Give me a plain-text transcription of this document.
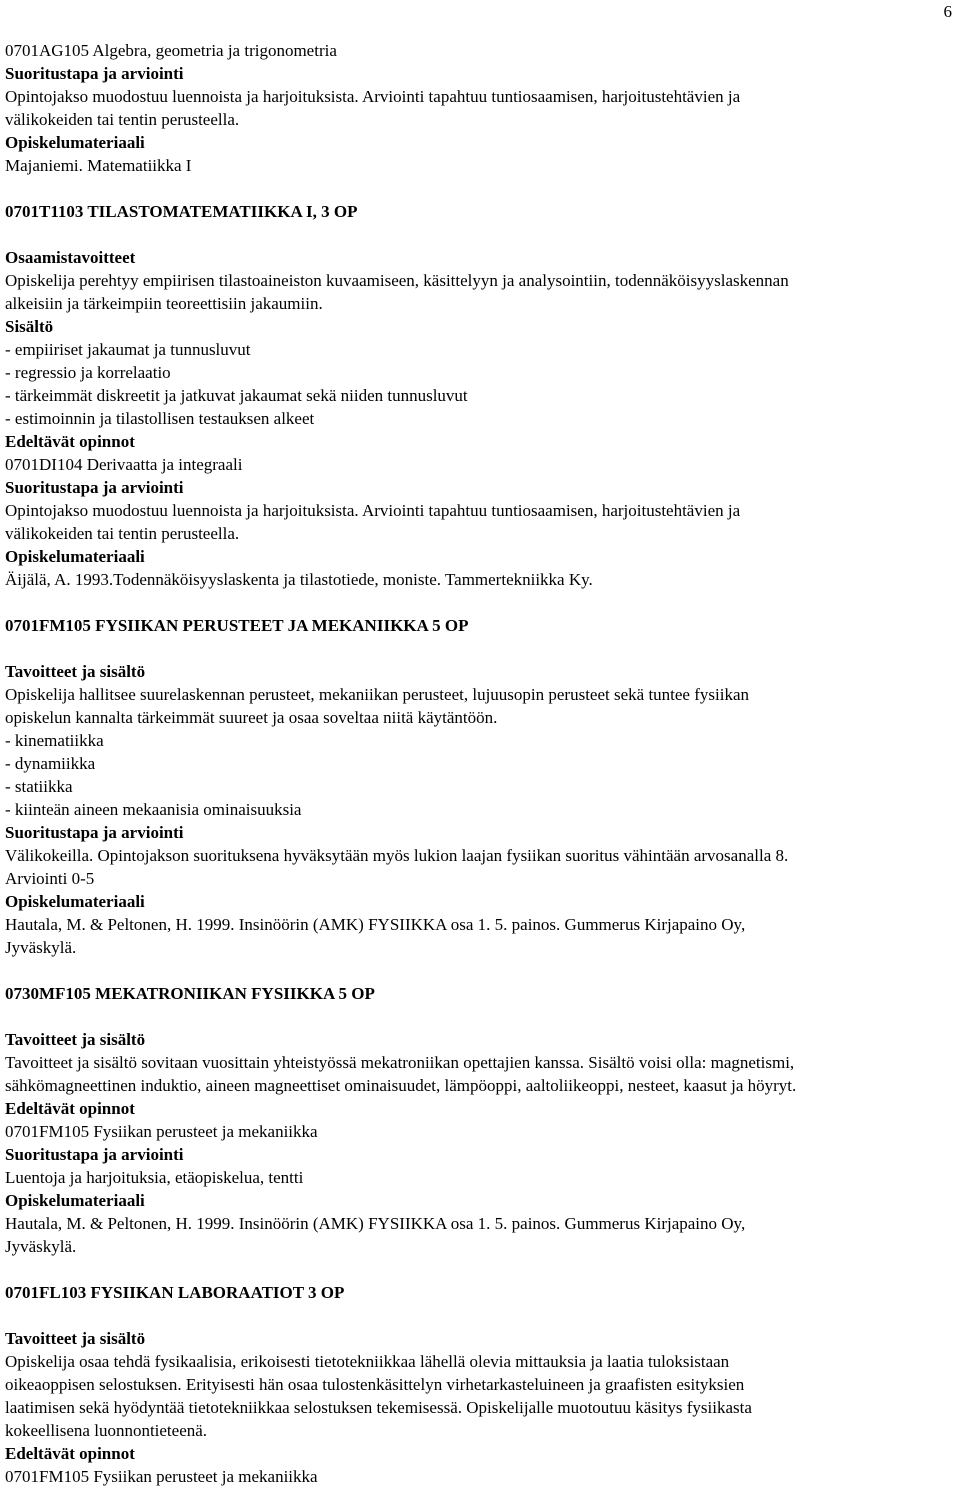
6

0701AG105 Algebra, geometria ja trigonometria

Suoritustapa ja arviointi

Opintojakso muodostuu luennoista ja harjoituksista. Arviointi tapahtuu tuntiosaamisen, harjoitustehtävien ja

välikokeiden tai tentin perusteella.

Opiskelumateriaali

Majaniemi. Matematiikka I

0701T1103 TILASTOMATEMATIIKKA I, 3 OP

Osaamistavoitteet

Opiskelija perehtyy empiirisen tilastoaineiston kuvaamiseen, käsittelyyn ja analysointiin, todennäköisyyslaskennan

alkeisiin ja tärkeimpiin teoreettisiin jakaumiin.

Sisältö

- empiiriset jakaumat ja tunnusluvut

- regressio ja korrelaatio

- tärkeimmät diskreetit ja jatkuvat jakaumat sekä niiden tunnusluvut

- estimoinnin ja tilastollisen testauksen alkeet

Edeltävät opinnot

0701DI104 Derivaatta ja integraali

Suoritustapa ja arviointi

Opintojakso muodostuu luennoista ja harjoituksista. Arviointi tapahtuu tuntiosaamisen, harjoitustehtävien ja

välikokeiden tai tentin perusteella.

Opiskelumateriaali

Äijälä, A. 1993.Todennäköisyyslaskenta ja tilastotiede, moniste. Tammertekniikka Ky.

0701FM105 FYSIIKAN PERUSTEET JA MEKANIIKKA 5 OP

Tavoitteet ja sisältö

Opiskelija hallitsee suurelaskennan perusteet, mekaniikan perusteet, lujuusopin perusteet sekä tuntee fysiikan

opiskelun kannalta tärkeimmät suureet ja osaa soveltaa niitä käytäntöön.

- kinematiikka

- dynamiikka

- statiikka

- kiinteän aineen mekaanisia ominaisuuksia

Suoritustapa ja arviointi

Välikokeilla. Opintojakson suorituksena hyväksytään myös lukion laajan fysiikan suoritus vähintään arvosanalla 8.

Arviointi 0-5

Opiskelumateriaali

Hautala, M. & Peltonen, H. 1999. Insinöörin (AMK) FYSIIKKA osa 1. 5. painos. Gummerus Kirjapaino Oy,

Jyväskylä.

0730MF105 MEKATRONIIKAN FYSIIKKA 5 OP

Tavoitteet ja sisältö

Tavoitteet ja sisältö sovitaan vuosittain yhteistyössä mekatroniikan opettajien kanssa. Sisältö voisi olla: magnetismi,

sähkömagneettinen induktio, aineen magneettiset ominaisuudet, lämpöoppi, aaltoliikeoppi, nesteet, kaasut ja höyryt.

Edeltävät opinnot

0701FM105 Fysiikan perusteet ja mekaniikka

Suoritustapa ja arviointi

Luentoja ja harjoituksia, etäopiskelua, tentti

Opiskelumateriaali

Hautala, M. & Peltonen, H. 1999. Insinöörin (AMK) FYSIIKKA osa 1. 5. painos. Gummerus Kirjapaino Oy,

Jyväskylä.

0701FL103 FYSIIKAN LABORAATIOT 3 OP

Tavoitteet ja sisältö

Opiskelija osaa tehdä fysikaalisia, erikoisesti tietotekniikkaa lähellä olevia mittauksia ja laatia tuloksistaan

oikeaoppisen selostuksen. Erityisesti hän osaa tulostenkäsittelyn virhetarkasteluineen ja graafisten esityksien

laatimisen sekä hyödyntää tietotekniikkaa selostuksen tekemisessä. Opiskelijalle muotoutuu käsitys fysiikasta

kokeellisena luonnontieteenä.

Edeltävät opinnot

0701FM105 Fysiikan perusteet ja mekaniikka
